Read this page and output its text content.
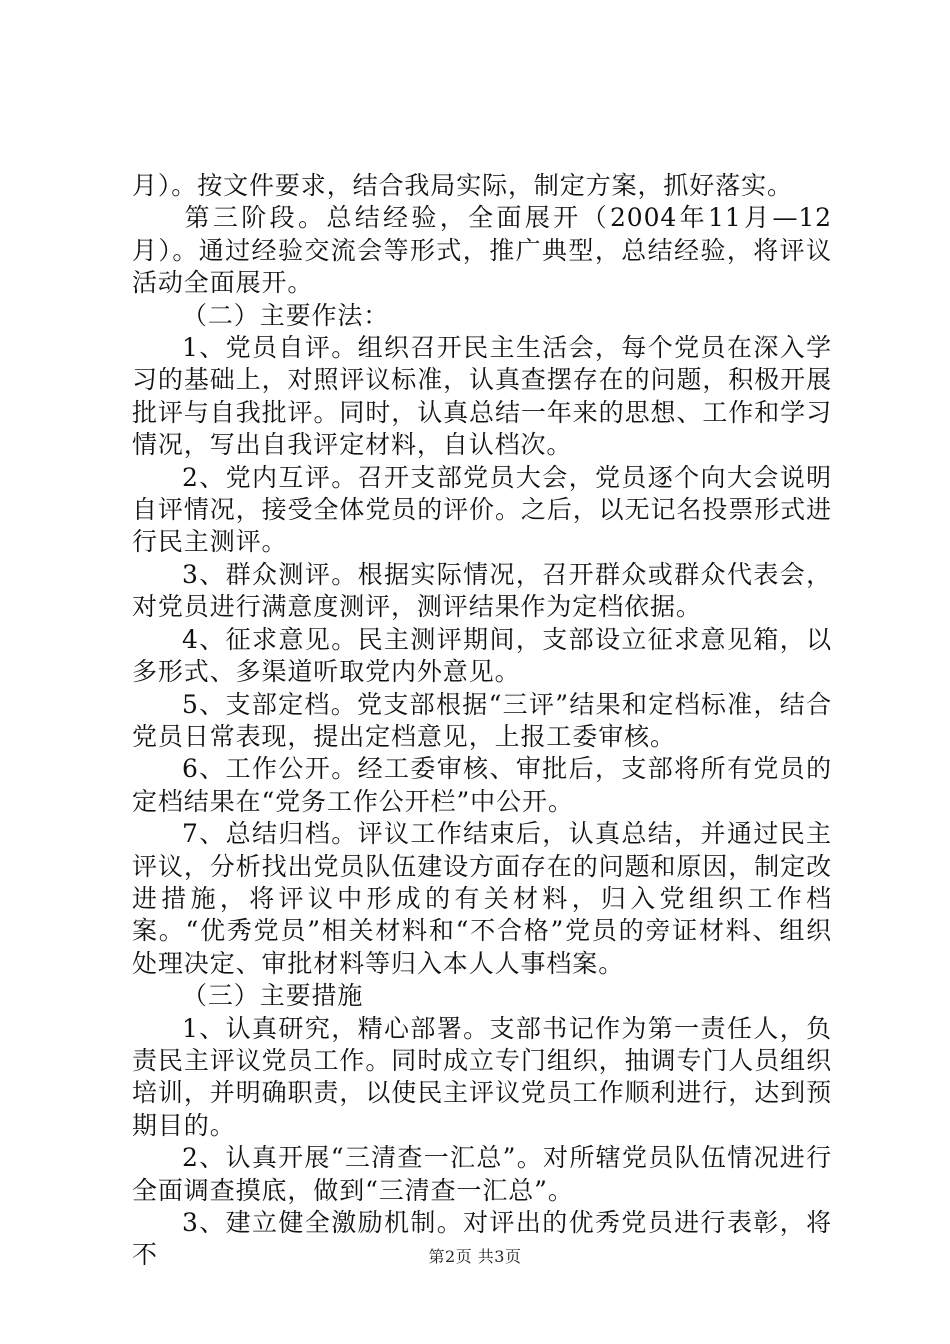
月）。按文件要求，结合我局实际，制定方案，抓好落实。

第三阶段。总结经验，全面展开（2004年11月—12月）。通过经验交流会等形式，推广典型，总结经验，将评议活动全面展开。

（二）主要作法：

1、党员自评。组织召开民主生活会，每个党员在深入学习的基础上，对照评议标准，认真查摆存在的问题，积极开展批评与自我批评。同时，认真总结一年来的思想、工作和学习情况，写出自我评定材料，自认档次。

2、党内互评。召开支部党员大会，党员逐个向大会说明自评情况，接受全体党员的评价。之后，以无记名投票形式进行民主测评。

3、群众测评。根据实际情况，召开群众或群众代表会，对党员进行满意度测评，测评结果作为定档依据。

4、征求意见。民主测评期间，支部设立征求意见箱，以多形式、多渠道听取党内外意见。

5、支部定档。党支部根据“三评”结果和定档标准，结合党员日常表现，提出定档意见，上报工委审核。

6、工作公开。经工委审核、审批后，支部将所有党员的定档结果在“党务工作公开栏”中公开。

7、总结归档。评议工作结束后，认真总结，并通过民主评议，分析找出党员队伍建设方面存在的问题和原因，制定改进措施，将评议中形成的有关材料，归入党组织工作档案。“优秀党员”相关材料和“不合格”党员的旁证材料、组织处理决定、审批材料等归入本人人事档案。

（三）主要措施

1、认真研究，精心部署。支部书记作为第一责任人，负责民主评议党员工作。同时成立专门组织，抽调专门人员组织培训，并明确职责，以使民主评议党员工作顺利进行，达到预期目的。

2、认真开展“三清查一汇总”。对所辖党员队伍情况进行全面调查摸底，做到“三清查一汇总”。

3、建立健全激励机制。对评出的优秀党员进行表彰，将不	第2页 共3页
